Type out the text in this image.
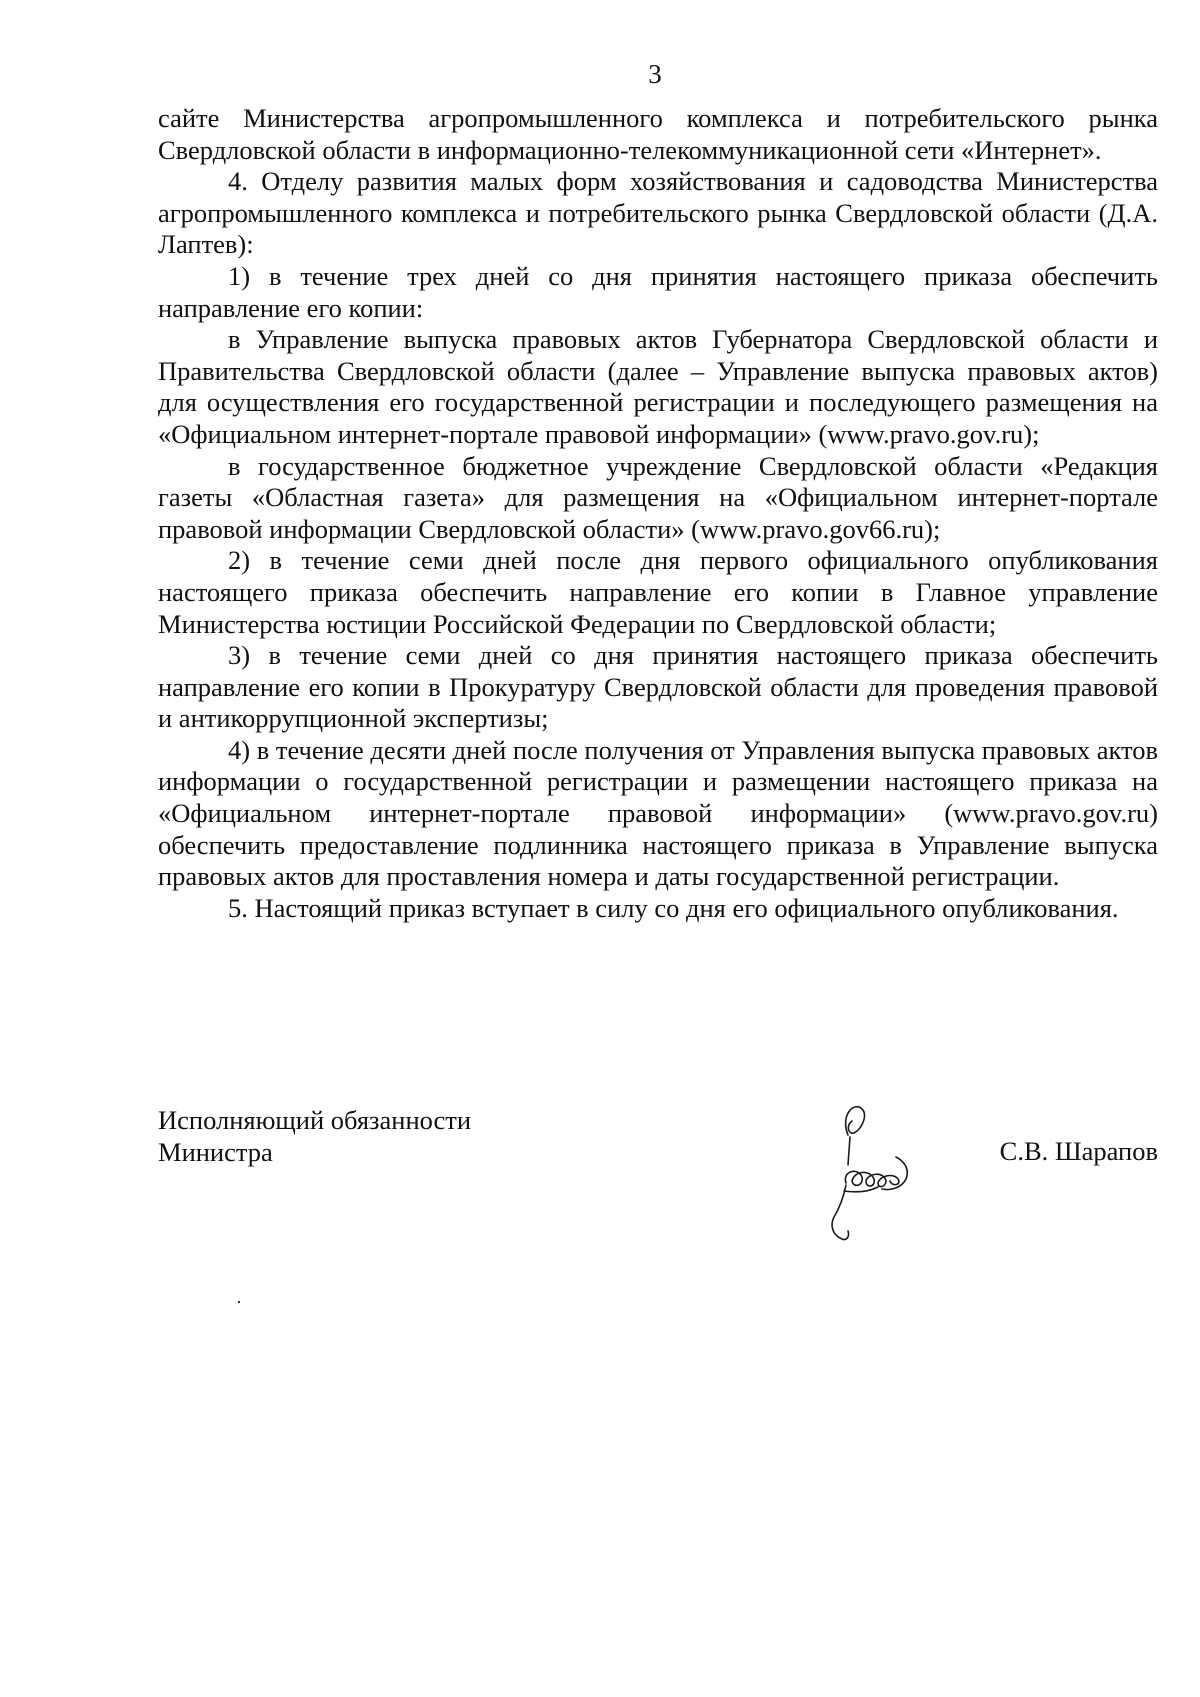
3

сайте Министерства агропромышленного комплекса и потребительского рынка Свердловской области в информационно-телекоммуникационной сети «Интернет».

4. Отделу развития малых форм хозяйствования и садоводства Министерства агропромышленного комплекса и потребительского рынка Свердловской области (Д.А. Лаптев):

1) в течение трех дней со дня принятия настоящего приказа обеспечить направление его копии:

в Управление выпуска правовых актов Губернатора Свердловской области и Правительства Свердловской области (далее – Управление выпуска правовых актов) для осуществления его государственной регистрации и последующего размещения на «Официальном интернет-портале правовой информации» (www.pravo.gov.ru);

в государственное бюджетное учреждение Свердловской области «Редакция газеты «Областная газета» для размещения на «Официальном интернет-портале правовой информации Свердловской области» (www.pravo.gov66.ru);

2) в течение семи дней после дня первого официального опубликования настоящего приказа обеспечить направление его копии в Главное управление Министерства юстиции Российской Федерации по Свердловской области;

3) в течение семи дней со дня принятия настоящего приказа обеспечить направление его копии в Прокуратуру Свердловской области для проведения правовой и антикоррупционной экспертизы;

4) в течение десяти дней после получения от Управления выпуска правовых актов информации о государственной регистрации и размещении настоящего приказа на «Официальном интернет-портале правовой информации» (www.pravo.gov.ru) обеспечить предоставление подлинника настоящего приказа в Управление выпуска правовых актов для проставления номера и даты государственной регистрации.

5. Настоящий приказ вступает в силу со дня его официального опубликования.

Исполняющий обязанности
Министра	С.В. Шарапов
